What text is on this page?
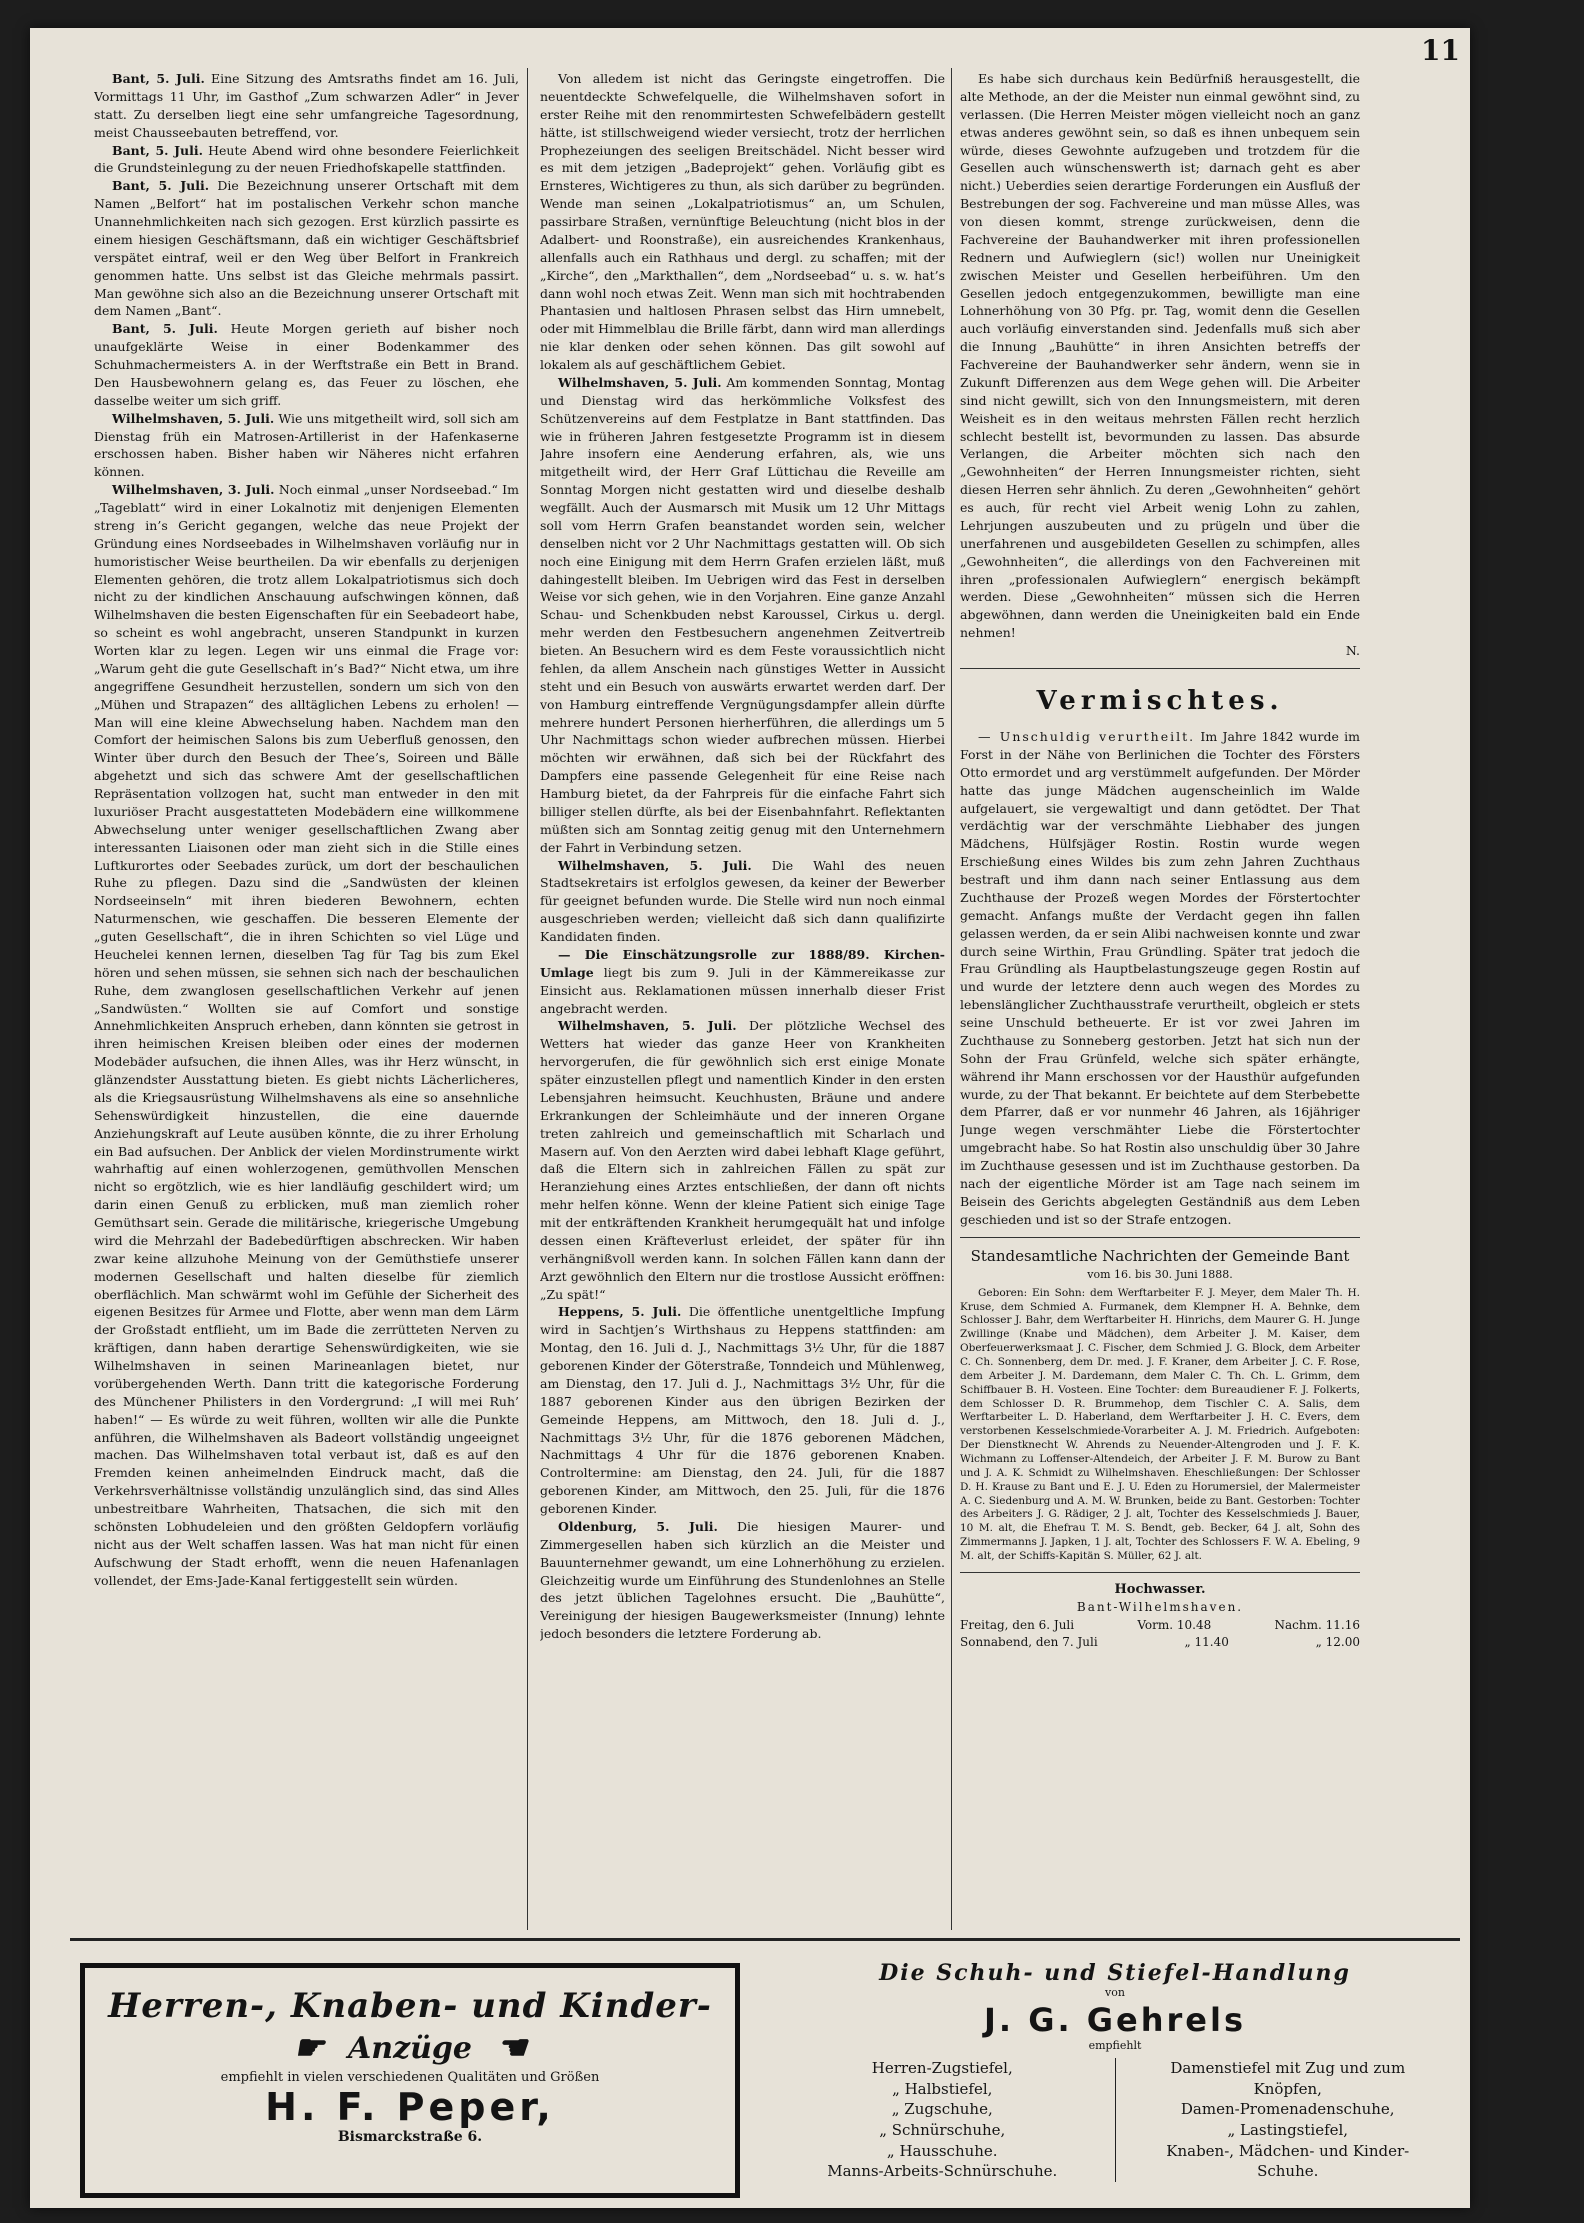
11

Bant, 5. Juli. Eine Sitzung des Amtsraths findet am 16. Juli, Vormittags 11 Uhr, im Gasthof „Zum schwarzen Adler“ in Jever statt. Zu derselben liegt eine sehr umfangreiche Tagesordnung, meist Chausseebauten betreffend, vor.

Bant, 5. Juli. Heute Abend wird ohne besondere Feierlichkeit die Grundsteinlegung zu der neuen Friedhofskapelle stattfinden.

Bant, 5. Juli. Die Bezeichnung unserer Ortschaft mit dem Namen „Belfort“ hat im postalischen Verkehr schon manche Unannehmlichkeiten nach sich gezogen. Erst kürzlich passirte es einem hiesigen Geschäftsmann, daß ein wichtiger Geschäftsbrief verspätet eintraf, weil er den Weg über Belfort in Frankreich genommen hatte. Uns selbst ist das Gleiche mehrmals passirt. Man gewöhne sich also an die Bezeichnung unserer Ortschaft mit dem Namen „Bant“.

Bant, 5. Juli. Heute Morgen gerieth auf bisher noch unaufgeklärte Weise in einer Bodenkammer des Schuhmachermeisters A. in der Werftstraße ein Bett in Brand. Den Hausbewohnern gelang es, das Feuer zu löschen, ehe dasselbe weiter um sich griff.

Wilhelmshaven, 5. Juli. Wie uns mitgetheilt wird, soll sich am Dienstag früh ein Matrosen-Artillerist in der Hafenkaserne erschossen haben. Bisher haben wir Näheres nicht erfahren können.

Wilhelmshaven, 3. Juli. Noch einmal „unser Nordseebad.“ Im „Tageblatt“ wird in einer Lokalnotiz mit denjenigen Elementen streng in’s Gericht gegangen, welche das neue Projekt der Gründung eines Nordseebades in Wilhelmshaven vorläufig nur in humoristischer Weise beurtheilen. Da wir ebenfalls zu derjenigen Elementen gehören, die trotz allem Lokalpatriotismus sich doch nicht zu der kindlichen Anschauung aufschwingen können, daß Wilhelmshaven die besten Eigenschaften für ein Seebadeort habe, so scheint es wohl angebracht, unseren Standpunkt in kurzen Worten klar zu legen. Legen wir uns einmal die Frage vor: „Warum geht die gute Gesellschaft in’s Bad?“ Nicht etwa, um ihre angegriffene Gesundheit herzustellen, sondern um sich von den „Mühen und Strapazen“ des alltäglichen Lebens zu erholen! — Man will eine kleine Abwechselung haben. Nachdem man den Comfort der heimischen Salons bis zum Ueberfluß genossen, den Winter über durch den Besuch der Thee’s, Soireen und Bälle abgehetzt und sich das schwere Amt der gesellschaftlichen Repräsentation vollzogen hat, sucht man entweder in den mit luxuriöser Pracht ausgestatteten Modebädern eine willkommene Abwechselung unter weniger gesellschaftlichen Zwang aber interessanten Liaisonen oder man zieht sich in die Stille eines Luftkurortes oder Seebades zurück, um dort der beschaulichen Ruhe zu pflegen. Dazu sind die „Sandwüsten der kleinen Nordseeinseln“ mit ihren biederen Bewohnern, echten Naturmenschen, wie geschaffen. Die besseren Elemente der „guten Gesellschaft“, die in ihren Schichten so viel Lüge und Heuchelei kennen lernen, dieselben Tag für Tag bis zum Ekel hören und sehen müssen, sie sehnen sich nach der beschaulichen Ruhe, dem zwanglosen gesellschaftlichen Verkehr auf jenen „Sandwüsten.“ Wollten sie auf Comfort und sonstige Annehmlichkeiten Anspruch erheben, dann könnten sie getrost in ihren heimischen Kreisen bleiben oder eines der modernen Modebäder aufsuchen, die ihnen Alles, was ihr Herz wünscht, in glänzendster Ausstattung bieten. Es giebt nichts Lächerlicheres, als die Kriegsausrüstung Wilhelmshavens als eine so ansehnliche Sehenswürdigkeit hinzustellen, die eine dauernde Anziehungskraft auf Leute ausüben könnte, die zu ihrer Erholung ein Bad aufsuchen. Der Anblick der vielen Mordinstrumente wirkt wahrhaftig auf einen wohlerzogenen, gemüthvollen Menschen nicht so ergötzlich, wie es hier landläufig geschildert wird; um darin einen Genuß zu erblicken, muß man ziemlich roher Gemüthsart sein. Gerade die militärische, kriegerische Umgebung wird die Mehrzahl der Badebedürftigen abschrecken. Wir haben zwar keine allzuhohe Meinung von der Gemüthstiefe unserer modernen Gesellschaft und halten dieselbe für ziemlich oberflächlich. Man schwärmt wohl im Gefühle der Sicherheit des eigenen Besitzes für Armee und Flotte, aber wenn man dem Lärm der Großstadt entflieht, um im Bade die zerrütteten Nerven zu kräftigen, dann haben derartige Sehenswürdigkeiten, wie sie Wilhelmshaven in seinen Marineanlagen bietet, nur vorübergehenden Werth. Dann tritt die kategorische Forderung des Münchener Philisters in den Vordergrund: „I will mei Ruh’ haben!“ — Es würde zu weit führen, wollten wir alle die Punkte anführen, die Wilhelmshaven als Badeort vollständig ungeeignet machen. Das Wilhelmshaven total verbaut ist, daß es auf den Fremden keinen anheimelnden Eindruck macht, daß die Verkehrsverhältnisse vollständig unzulänglich sind, das sind Alles unbestreitbare Wahrheiten, Thatsachen, die sich mit den schönsten Lobhudeleien und den größten Geldopfern vorläufig nicht aus der Welt schaffen lassen. Was hat man nicht für einen Aufschwung der Stadt erhofft, wenn die neuen Hafenanlagen vollendet, der Ems-Jade-Kanal fertiggestellt sein würden.

Von alledem ist nicht das Geringste eingetroffen. Die neuentdeckte Schwefelquelle, die Wilhelmshaven sofort in erster Reihe mit den renommirtesten Schwefelbädern gestellt hätte, ist stillschweigend wieder versiecht, trotz der herrlichen Prophezeiungen des seeligen Breitschädel. Nicht besser wird es mit dem jetzigen „Badeprojekt“ gehen. Vorläufig gibt es Ernsteres, Wichtigeres zu thun, als sich darüber zu begründen. Wende man seinen „Lokalpatriotismus“ an, um Schulen, passirbare Straßen, vernünftige Beleuchtung (nicht blos in der Adalbert- und Roonstraße), ein ausreichendes Krankenhaus, allenfalls auch ein Rathhaus und dergl. zu schaffen; mit der „Kirche“, den „Markthallen“, dem „Nordseebad“ u. s. w. hat’s dann wohl noch etwas Zeit. Wenn man sich mit hochtrabenden Phantasien und haltlosen Phrasen selbst das Hirn umnebelt, oder mit Himmelblau die Brille färbt, dann wird man allerdings nie klar denken oder sehen können. Das gilt sowohl auf lokalem als auf geschäftlichem Gebiet.

Wilhelmshaven, 5. Juli. Am kommenden Sonntag, Montag und Dienstag wird das herkömmliche Volksfest des Schützenvereins auf dem Festplatze in Bant stattfinden. Das wie in früheren Jahren festgesetzte Programm ist in diesem Jahre insofern eine Aenderung erfahren, als, wie uns mitgetheilt wird, der Herr Graf Lüttichau die Reveille am Sonntag Morgen nicht gestatten wird und dieselbe deshalb wegfällt. Auch der Ausmarsch mit Musik um 12 Uhr Mittags soll vom Herrn Grafen beanstandet worden sein, welcher denselben nicht vor 2 Uhr Nachmittags gestatten will. Ob sich noch eine Einigung mit dem Herrn Grafen erzielen läßt, muß dahingestellt bleiben. Im Uebrigen wird das Fest in derselben Weise vor sich gehen, wie in den Vorjahren. Eine ganze Anzahl Schau- und Schenkbuden nebst Karoussel, Cirkus u. dergl. mehr werden den Festbesuchern angenehmen Zeitvertreib bieten. An Besuchern wird es dem Feste voraussichtlich nicht fehlen, da allem Anschein nach günstiges Wetter in Aussicht steht und ein Besuch von auswärts erwartet werden darf. Der von Hamburg eintreffende Vergnügungsdampfer allein dürfte mehrere hundert Personen hierherführen, die allerdings um 5 Uhr Nachmittags schon wieder aufbrechen müssen. Hierbei möchten wir erwähnen, daß sich bei der Rückfahrt des Dampfers eine passende Gelegenheit für eine Reise nach Hamburg bietet, da der Fahrpreis für die einfache Fahrt sich billiger stellen dürfte, als bei der Eisenbahnfahrt. Reflektanten müßten sich am Sonntag zeitig genug mit den Unternehmern der Fahrt in Verbindung setzen.

Wilhelmshaven, 5. Juli. Die Wahl des neuen Stadtsekretairs ist erfolglos gewesen, da keiner der Bewerber für geeignet befunden wurde. Die Stelle wird nun noch einmal ausgeschrieben werden; vielleicht daß sich dann qualifizirte Kandidaten finden.

— Die Einschätzungsrolle zur 1888/89. Kirchen-Umlage liegt bis zum 9. Juli in der Kämmereikasse zur Einsicht aus. Reklamationen müssen innerhalb dieser Frist angebracht werden.

Wilhelmshaven, 5. Juli. Der plötzliche Wechsel des Wetters hat wieder das ganze Heer von Krankheiten hervorgerufen, die für gewöhnlich sich erst einige Monate später einzustellen pflegt und namentlich Kinder in den ersten Lebensjahren heimsucht. Keuchhusten, Bräune und andere Erkrankungen der Schleimhäute und der inneren Organe treten zahlreich und gemeinschaftlich mit Scharlach und Masern auf. Von den Aerzten wird dabei lebhaft Klage geführt, daß die Eltern sich in zahlreichen Fällen zu spät zur Heranziehung eines Arztes entschließen, der dann oft nichts mehr helfen könne. Wenn der kleine Patient sich einige Tage mit der entkräftenden Krankheit herumgequält hat und infolge dessen einen Kräfteverlust erleidet, der später für ihn verhängnißvoll werden kann. In solchen Fällen kann dann der Arzt gewöhnlich den Eltern nur die trostlose Aussicht eröffnen: „Zu spät!“

Heppens, 5. Juli. Die öffentliche unentgeltliche Impfung wird in Sachtjen’s Wirthshaus zu Heppens stattfinden: am Montag, den 16. Juli d. J., Nachmittags 3½ Uhr, für die 1887 geborenen Kinder der Göterstraße, Tonndeich und Mühlenweg, am Dienstag, den 17. Juli d. J., Nachmittags 3½ Uhr, für die 1887 geborenen Kinder aus den übrigen Bezirken der Gemeinde Heppens, am Mittwoch, den 18. Juli d. J., Nachmittags 3½ Uhr, für die 1876 geborenen Mädchen, Nachmittags 4 Uhr für die 1876 geborenen Knaben. Controltermine: am Dienstag, den 24. Juli, für die 1887 geborenen Kinder, am Mittwoch, den 25. Juli, für die 1876 geborenen Kinder.

Oldenburg, 5. Juli. Die hiesigen Maurer- und Zimmergesellen haben sich kürzlich an die Meister und Bauunternehmer gewandt, um eine Lohnerhöhung zu erzielen. Gleichzeitig wurde um Einführung des Stundenlohnes an Stelle des jetzt üblichen Tagelohnes ersucht. Die „Bauhütte“, Vereinigung der hiesigen Baugewerksmeister (Innung) lehnte jedoch besonders die letztere Forderung ab.

Es habe sich durchaus kein Bedürfniß herausgestellt, die alte Methode, an der die Meister nun einmal gewöhnt sind, zu verlassen. (Die Herren Meister mögen vielleicht noch an ganz etwas anderes gewöhnt sein, so daß es ihnen unbequem sein würde, dieses Gewohnte aufzugeben und trotzdem für die Gesellen auch wünschenswerth ist; darnach geht es aber nicht.) Ueberdies seien derartige Forderungen ein Ausfluß der Bestrebungen der sog. Fachvereine und man müsse Alles, was von diesen kommt, strenge zurückweisen, denn die Fachvereine der Bauhandwerker mit ihren professionellen Rednern und Aufwieglern (sic!) wollen nur Uneinigkeit zwischen Meister und Gesellen herbeiführen. Um den Gesellen jedoch entgegenzukommen, bewilligte man eine Lohnerhöhung von 30 Pfg. pr. Tag, womit denn die Gesellen auch vorläufig einverstanden sind. Jedenfalls muß sich aber die Innung „Bauhütte“ in ihren Ansichten betreffs der Fachvereine der Bauhandwerker sehr ändern, wenn sie in Zukunft Differenzen aus dem Wege gehen will. Die Arbeiter sind nicht gewillt, sich von den Innungsmeistern, mit deren Weisheit es in den weitaus mehrsten Fällen recht herzlich schlecht bestellt ist, bevormunden zu lassen. Das absurde Verlangen, die Arbeiter möchten sich nach den „Gewohnheiten“ der Herren Innungsmeister richten, sieht diesen Herren sehr ähnlich. Zu deren „Gewohnheiten“ gehört es auch, für recht viel Arbeit wenig Lohn zu zahlen, Lehrjungen auszubeuten und zu prügeln und über die unerfahrenen und ausgebildeten Gesellen zu schimpfen, alles „Gewohnheiten“, die allerdings von den Fachvereinen mit ihren „professionalen Aufwieglern“ energisch bekämpft werden. Diese „Gewohnheiten“ müssen sich die Herren abgewöhnen, dann werden die Uneinigkeiten bald ein Ende nehmen!

N.

Vermischtes.

— Unschuldig verurtheilt. Im Jahre 1842 wurde im Forst in der Nähe von Berlinichen die Tochter des Försters Otto ermordet und arg verstümmelt aufgefunden. Der Mörder hatte das junge Mädchen augenscheinlich im Walde aufgelauert, sie vergewaltigt und dann getödtet. Der That verdächtig war der verschmähte Liebhaber des jungen Mädchens, Hülfsjäger Rostin. Rostin wurde wegen Erschießung eines Wildes bis zum zehn Jahren Zuchthaus bestraft und ihm dann nach seiner Entlassung aus dem Zuchthause der Prozeß wegen Mordes der Förstertochter gemacht. Anfangs mußte der Verdacht gegen ihn fallen gelassen werden, da er sein Alibi nachweisen konnte und zwar durch seine Wirthin, Frau Gründling. Später trat jedoch die Frau Gründling als Hauptbelastungszeuge gegen Rostin auf und wurde der letztere denn auch wegen des Mordes zu lebenslänglicher Zuchthausstrafe verurtheilt, obgleich er stets seine Unschuld betheuerte. Er ist vor zwei Jahren im Zuchthause zu Sonneberg gestorben. Jetzt hat sich nun der Sohn der Frau Grünfeld, welche sich später erhängte, während ihr Mann erschossen vor der Hausthür aufgefunden wurde, zu der That bekannt. Er beichtete auf dem Sterbebette dem Pfarrer, daß er vor nunmehr 46 Jahren, als 16jähriger Junge wegen verschmähter Liebe die Förstertochter umgebracht habe. So hat Rostin also unschuldig über 30 Jahre im Zuchthause gesessen und ist im Zuchthause gestorben. Da nach der eigentliche Mörder ist am Tage nach seinem im Beisein des Gerichts abgelegten Geständniß aus dem Leben geschieden und ist so der Strafe entzogen.

Standesamtliche Nachrichten der Gemeinde Bant
vom 16. bis 30. Juni 1888.

Geboren: Ein Sohn: dem Werftarbeiter F. J. Meyer, dem Maler Th. H. Kruse, dem Schmied A. Furmanek, dem Klempner H. A. Behnke, dem Schlosser J. Bahr, dem Werftarbeiter H. Hinrichs, dem Maurer G. H. Junge Zwillinge (Knabe und Mädchen), dem Arbeiter J. M. Kaiser, dem Oberfeuerwerksmaat J. C. Fischer, dem Schmied J. G. Block, dem Arbeiter C. Ch. Sonnenberg, dem Dr. med. J. F. Kraner, dem Arbeiter J. C. F. Rose, dem Arbeiter J. M. Dardemann, dem Maler C. Th. Ch. L. Grimm, dem Schiffbauer B. H. Vosteen. Eine Tochter: dem Bureaudiener F. J. Folkerts, dem Schlosser D. R. Brummehop, dem Tischler C. A. Salis, dem Werftarbeiter L. D. Haberland, dem Werftarbeiter J. H. C. Evers, dem verstorbenen Kesselschmiede-Vorarbeiter A. J. M. Friedrich. Aufgeboten: Der Dienstknecht W. Ahrends zu Neuender-Altengroden und J. F. K. Wichmann zu Loffenser-Altendeich, der Arbeiter J. F. M. Burow zu Bant und J. A. K. Schmidt zu Wilhelmshaven. Eheschließungen: Der Schlosser D. H. Krause zu Bant und E. J. U. Eden zu Horumersiel, der Malermeister A. C. Siedenburg und A. M. W. Brunken, beide zu Bant. Gestorben: Tochter des Arbeiters J. G. Rädiger, 2 J. alt, Tochter des Kesselschmieds J. Bauer, 10 M. alt, die Ehefrau T. M. S. Bendt, geb. Becker, 64 J. alt, Sohn des Zimmermanns J. Japken, 1 J. alt, Tochter des Schlossers F. W. A. Ebeling, 9 M. alt, der Schiffs-Kapitän S. Müller, 62 J. alt.

Hochwasser.
Bant-Wilhelmshaven.
Freitag, den 6. Juli	Vorm. 10.48	Nachm. 11.16
Sonnabend, den 7. Juli	„ 11.40	„ 12.00
Herren-, Knaben- und Kinder-
☛ Anzüge ☚
empfiehlt in vielen verschiedenen Qualitäten und Größen
H. F. Peper,
Bismarckstraße 6.
Die Schuh- und Stiefel-Handlung
von
J. G. Gehrels
empfiehlt
Herren-Zugstiefel,
„ Halbstiefel,
„ Zugschuhe,
„ Schnürschuhe,
„ Hausschuhe.
Manns-Arbeits-Schnürschuhe.
Damenstiefel mit Zug und zum
Knöpfen,
Damen-Promenadenschuhe,
„ Lastingstiefel,
Knaben-, Mädchen- und Kinder-
Schuhe.
